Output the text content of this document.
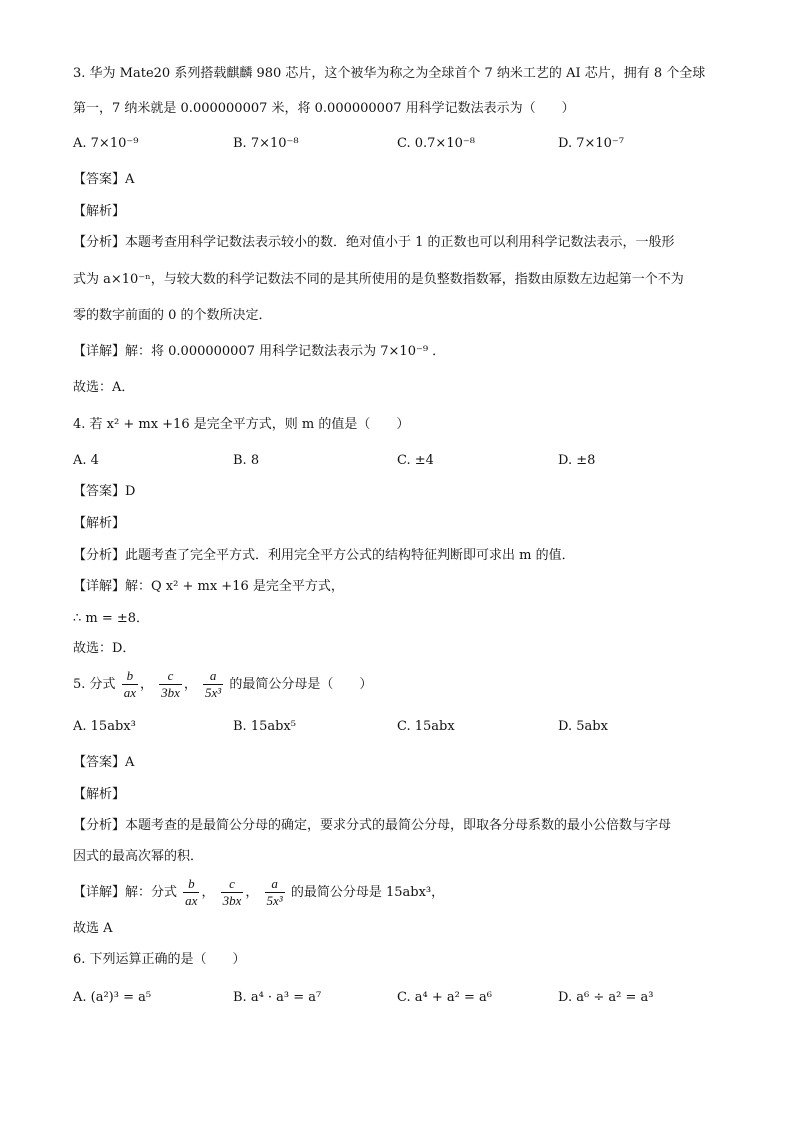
3. 华为 Mate20 系列搭载麒麟 980 芯片，这个被华为称之为全球首个 7 纳米工艺的 AI 芯片，拥有 8 个全球
第一，7 纳米就是 0.000000007 米，将 0.000000007 用科学记数法表示为（　　）
A. 7×10⁻⁹	B. 7×10⁻⁸	C. 0.7×10⁻⁸	D. 7×10⁻⁷
【答案】A
【解析】
【分析】本题考查用科学记数法表示较小的数．绝对值小于 1 的正数也可以利用科学记数法表示，一般形
式为 a×10⁻ⁿ，与较大数的科学记数法不同的是其所使用的是负整数指数幂，指数由原数左边起第一个不为
零的数字前面的 0 的个数所决定．
【详解】解：将 0.000000007 用科学记数法表示为 7×10⁻⁹ ．
故选：A．
4. 若 x² + mx +16 是完全平方式，则 m 的值是（　　）
A. 4	B. 8	C. ±4	D. ±8
【答案】D
【解析】
【分析】此题考查了完全平方式．利用完全平方公式的结构特征判断即可求出 m 的值．
【详解】解：Q x² + mx +16 是完全平方式，
∴ m = ±8．
故选：D．
5. 分式 $\frac{b}{ax}$ ， $\frac{c}{3bx}$ ， $\frac{a}{\text{5x³}}$ 的最简公分母是（　　）
A. 15abx³	B. 15abx⁵	C. 15abx	D. 5abx
【答案】A
【解析】
【分析】本题考查的是最简公分母的确定，要求分式的最简公分母，即取各分母系数的最小公倍数与字母
因式的最高次幂的积．
【详解】解：分式 $\frac{b}{ax}$ ， $\frac{c}{3bx}$ ， $\frac{a}{\text{5x³}}$ 的最简公分母是 15abx³，
故选 A
6. 下列运算正确的是（　　）
A. (a²)³ = a⁵	B. a⁴ · a³ = a⁷	C. a⁴ + a² = a⁶	D. a⁶ ÷ a² = a³
